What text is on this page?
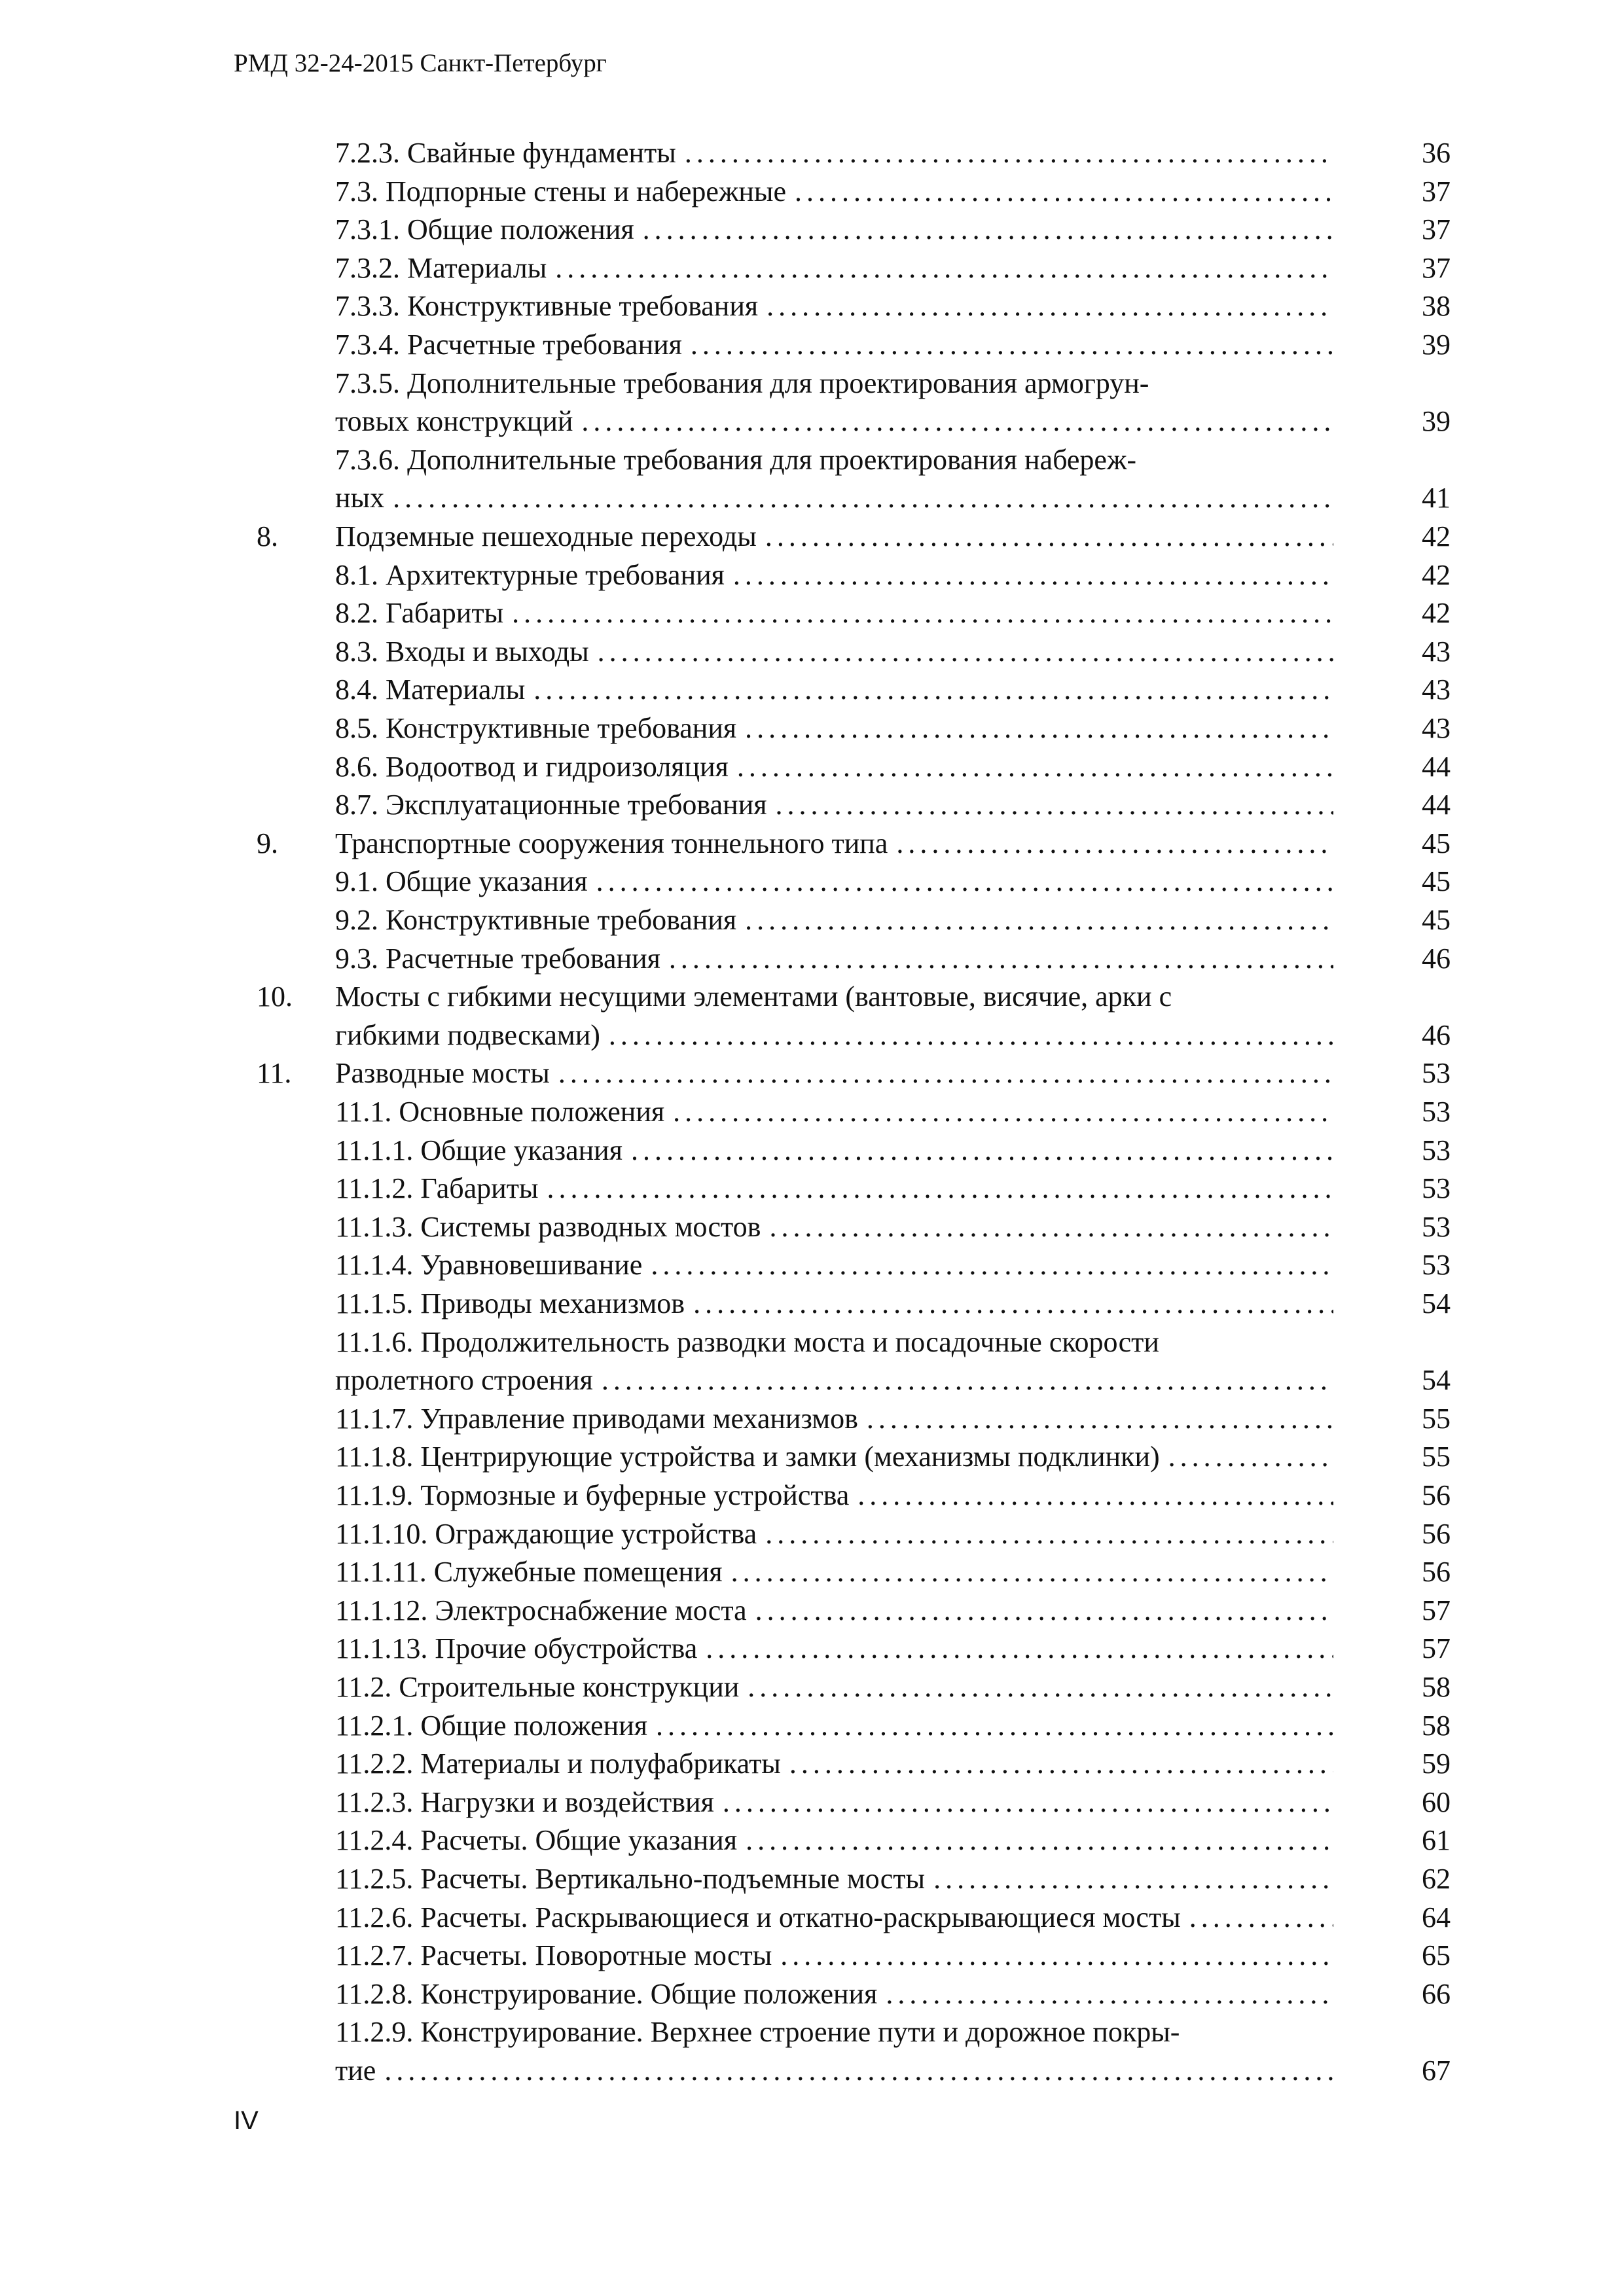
РМД 32-24-2015 Санкт-Петербург
7.2.3. Свайные фундаменты . . .	36
7.3. Подпорные стены и набережные . . .	37
7.3.1. Общие положения . . .	37
7.3.2. Материалы . . .	37
7.3.3. Конструктивные требования . . .	38
7.3.4. Расчетные требования . . .	39
7.3.5. Дополнительные требования для проектирования армогрун-
товых конструкций . . .	39
7.3.6. Дополнительные требования для проектирования набереж-
ных . . .	41
8. Подземные пешеходные переходы . . .	42
8.1. Архитектурные требования . . .	42
8.2. Габариты . . .	42
8.3. Входы и выходы . . .	43
8.4. Материалы . . .	43
8.5. Конструктивные требования . . .	43
8.6. Водоотвод и гидроизоляция . . .	44
8.7. Эксплуатационные требования . . .	44
9. Транспортные сооружения тоннельного типа . . .	45
9.1. Общие указания . . .	45
9.2. Конструктивные требования . . .	45
9.3. Расчетные требования . . .	46
10. Мосты с гибкими несущими элементами (вантовые, висячие, арки с
гибкими подвесками) . . .	46
11. Разводные мосты . . .	53
11.1. Основные положения . . .	53
11.1.1. Общие указания . . .	53
11.1.2. Габариты . . .	53
11.1.3. Системы разводных мостов . . .	53
11.1.4. Уравновешивание . . .	53
11.1.5. Приводы механизмов . . .	54
11.1.6. Продолжительность разводки моста и посадочные скорости
пролетного строения . . .	54
11.1.7. Управление приводами механизмов . . .	55
11.1.8. Центрирующие устройства и замки (механизмы подклинки) . . .	55
11.1.9. Тормозные и буферные устройства . . .	56
11.1.10. Ограждающие устройства . . .	56
11.1.11. Служебные помещения . . .	56
11.1.12. Электроснабжение моста . . .	57
11.1.13. Прочие обустройства . . .	57
11.2. Строительные конструкции . . .	58
11.2.1. Общие положения . . .	58
11.2.2. Материалы и полуфабрикаты . . .	59
11.2.3. Нагрузки и воздействия . . .	60
11.2.4. Расчеты. Общие указания . . .	61
11.2.5. Расчеты. Вертикально-подъемные мосты . . .	62
11.2.6. Расчеты. Раскрывающиеся и откатно-раскрывающиеся мосты . . .	64
11.2.7. Расчеты. Поворотные мосты . . .	65
11.2.8. Конструирование. Общие положения . . .	66
11.2.9. Конструирование. Верхнее строение пути и дорожное покры-
тие . . .	67
IV
